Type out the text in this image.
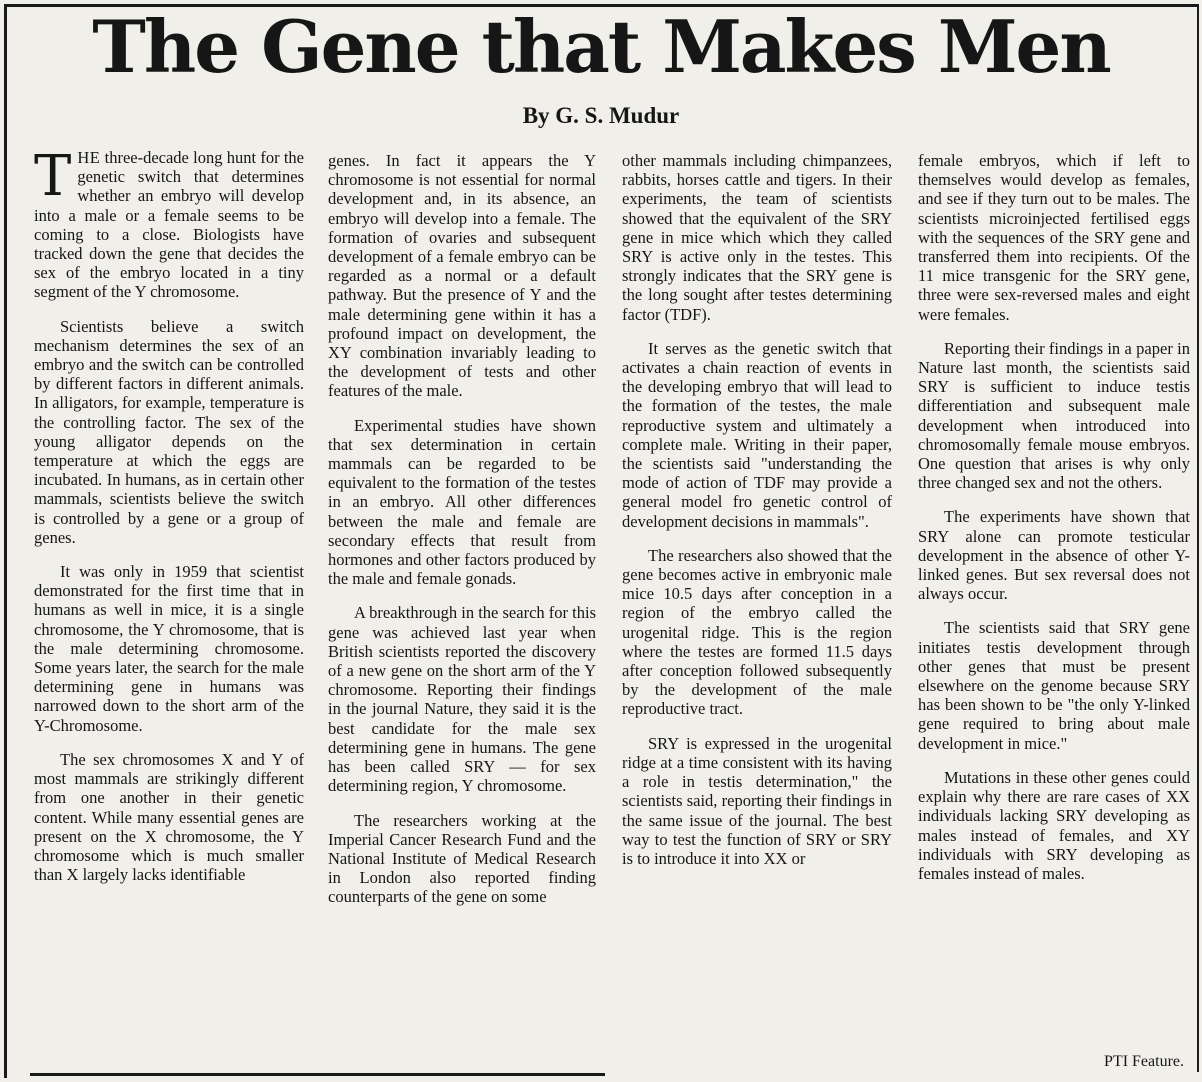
The Gene that Makes Men
By G. S. Mudur

THE three-decade long hunt for the genetic switch that determines whether an embryo will develop into a male or a female seems to be coming to a close. Biologists have tracked down the gene that decides the sex of the embryo located in a tiny segment of the Y chromosome.

Scientists believe a switch mechanism determines the sex of an embryo and the switch can be controlled by different factors in different animals. In alligators, for example, temperature is the controlling factor. The sex of the young alligator depends on the temperature at which the eggs are incubated. In humans, as in certain other mammals, scientists believe the switch is controlled by a gene or a group of genes.

It was only in 1959 that scientist demonstrated for the first time that in humans as well in mice, it is a single chromosome, the Y chromosome, that is the male determining chromosome. Some years later, the search for the male determining gene in humans was narrowed down to the short arm of the Y-Chromosome.

The sex chromosomes X and Y of most mammals are strikingly different from one another in their genetic content. While many essential genes are present on the X chromosome, the Y chromosome which is much smaller than X largely lacks identifiable

genes. In fact it appears the Y chromosome is not essential for normal development and, in its absence, an embryo will develop into a female. The formation of ovaries and subsequent development of a female embryo can be regarded as a normal or a default pathway. But the presence of Y and the male determining gene within it has a profound impact on development, the XY combination invariably leading to the development of tests and other features of the male.

Experimental studies have shown that sex determination in certain mammals can be regarded to be equivalent to the formation of the testes in an embryo. All other differences between the male and female are secondary effects that result from hormones and other factors produced by the male and female gonads.

A breakthrough in the search for this gene was achieved last year when British scientists reported the discovery of a new gene on the short arm of the Y chromosome. Reporting their findings in the journal Nature, they said it is the best candidate for the male sex determining gene in humans. The gene has been called SRY — for sex determining region, Y chromosome.

The researchers working at the Imperial Cancer Research Fund and the National Institute of Medical Research in London also reported finding counterparts of the gene on some

other mammals including chimpanzees, rabbits, horses cattle and tigers. In their experiments, the team of scientists showed that the equivalent of the SRY gene in mice which which they called SRY is active only in the testes. This strongly indicates that the SRY gene is the long sought after testes determining factor (TDF).

It serves as the genetic switch that activates a chain reaction of events in the developing embryo that will lead to the formation of the testes, the male reproductive system and ultimately a complete male. Writing in their paper, the scientists said "understanding the mode of action of TDF may provide a general model fro genetic control of development decisions in mammals".

The researchers also showed that the gene becomes active in embryonic male mice 10.5 days after conception in a region of the embryo called the urogenital ridge. This is the region where the testes are formed 11.5 days after conception followed subsequently by the development of the male reproductive tract.

SRY is expressed in the urogenital ridge at a time consistent with its having a role in testis determination," the scientists said, reporting their findings in the same issue of the journal. The best way to test the function of SRY or SRY is to introduce it into XX or

female embryos, which if left to themselves would develop as females, and see if they turn out to be males. The scientists microinjected fertilised eggs with the sequences of the SRY gene and transferred them into recipients. Of the 11 mice transgenic for the SRY gene, three were sex-reversed males and eight were females.

Reporting their findings in a paper in Nature last month, the scientists said SRY is sufficient to induce testis differentiation and subsequent male development when introduced into chromosomally female mouse embryos. One question that arises is why only three changed sex and not the others.

The experiments have shown that SRY alone can promote testicular development in the absence of other Y- linked genes. But sex reversal does not always occur.

The scientists said that SRY gene initiates testis development through other genes that must be present elsewhere on the genome because SRY has been shown to be "the only Y-linked gene required to bring about male development in mice."

Mutations in these other genes could explain why there are rare cases of XX individuals lacking SRY developing as males instead of females, and XY individuals with SRY developing as females instead of males.

PTI Feature.
